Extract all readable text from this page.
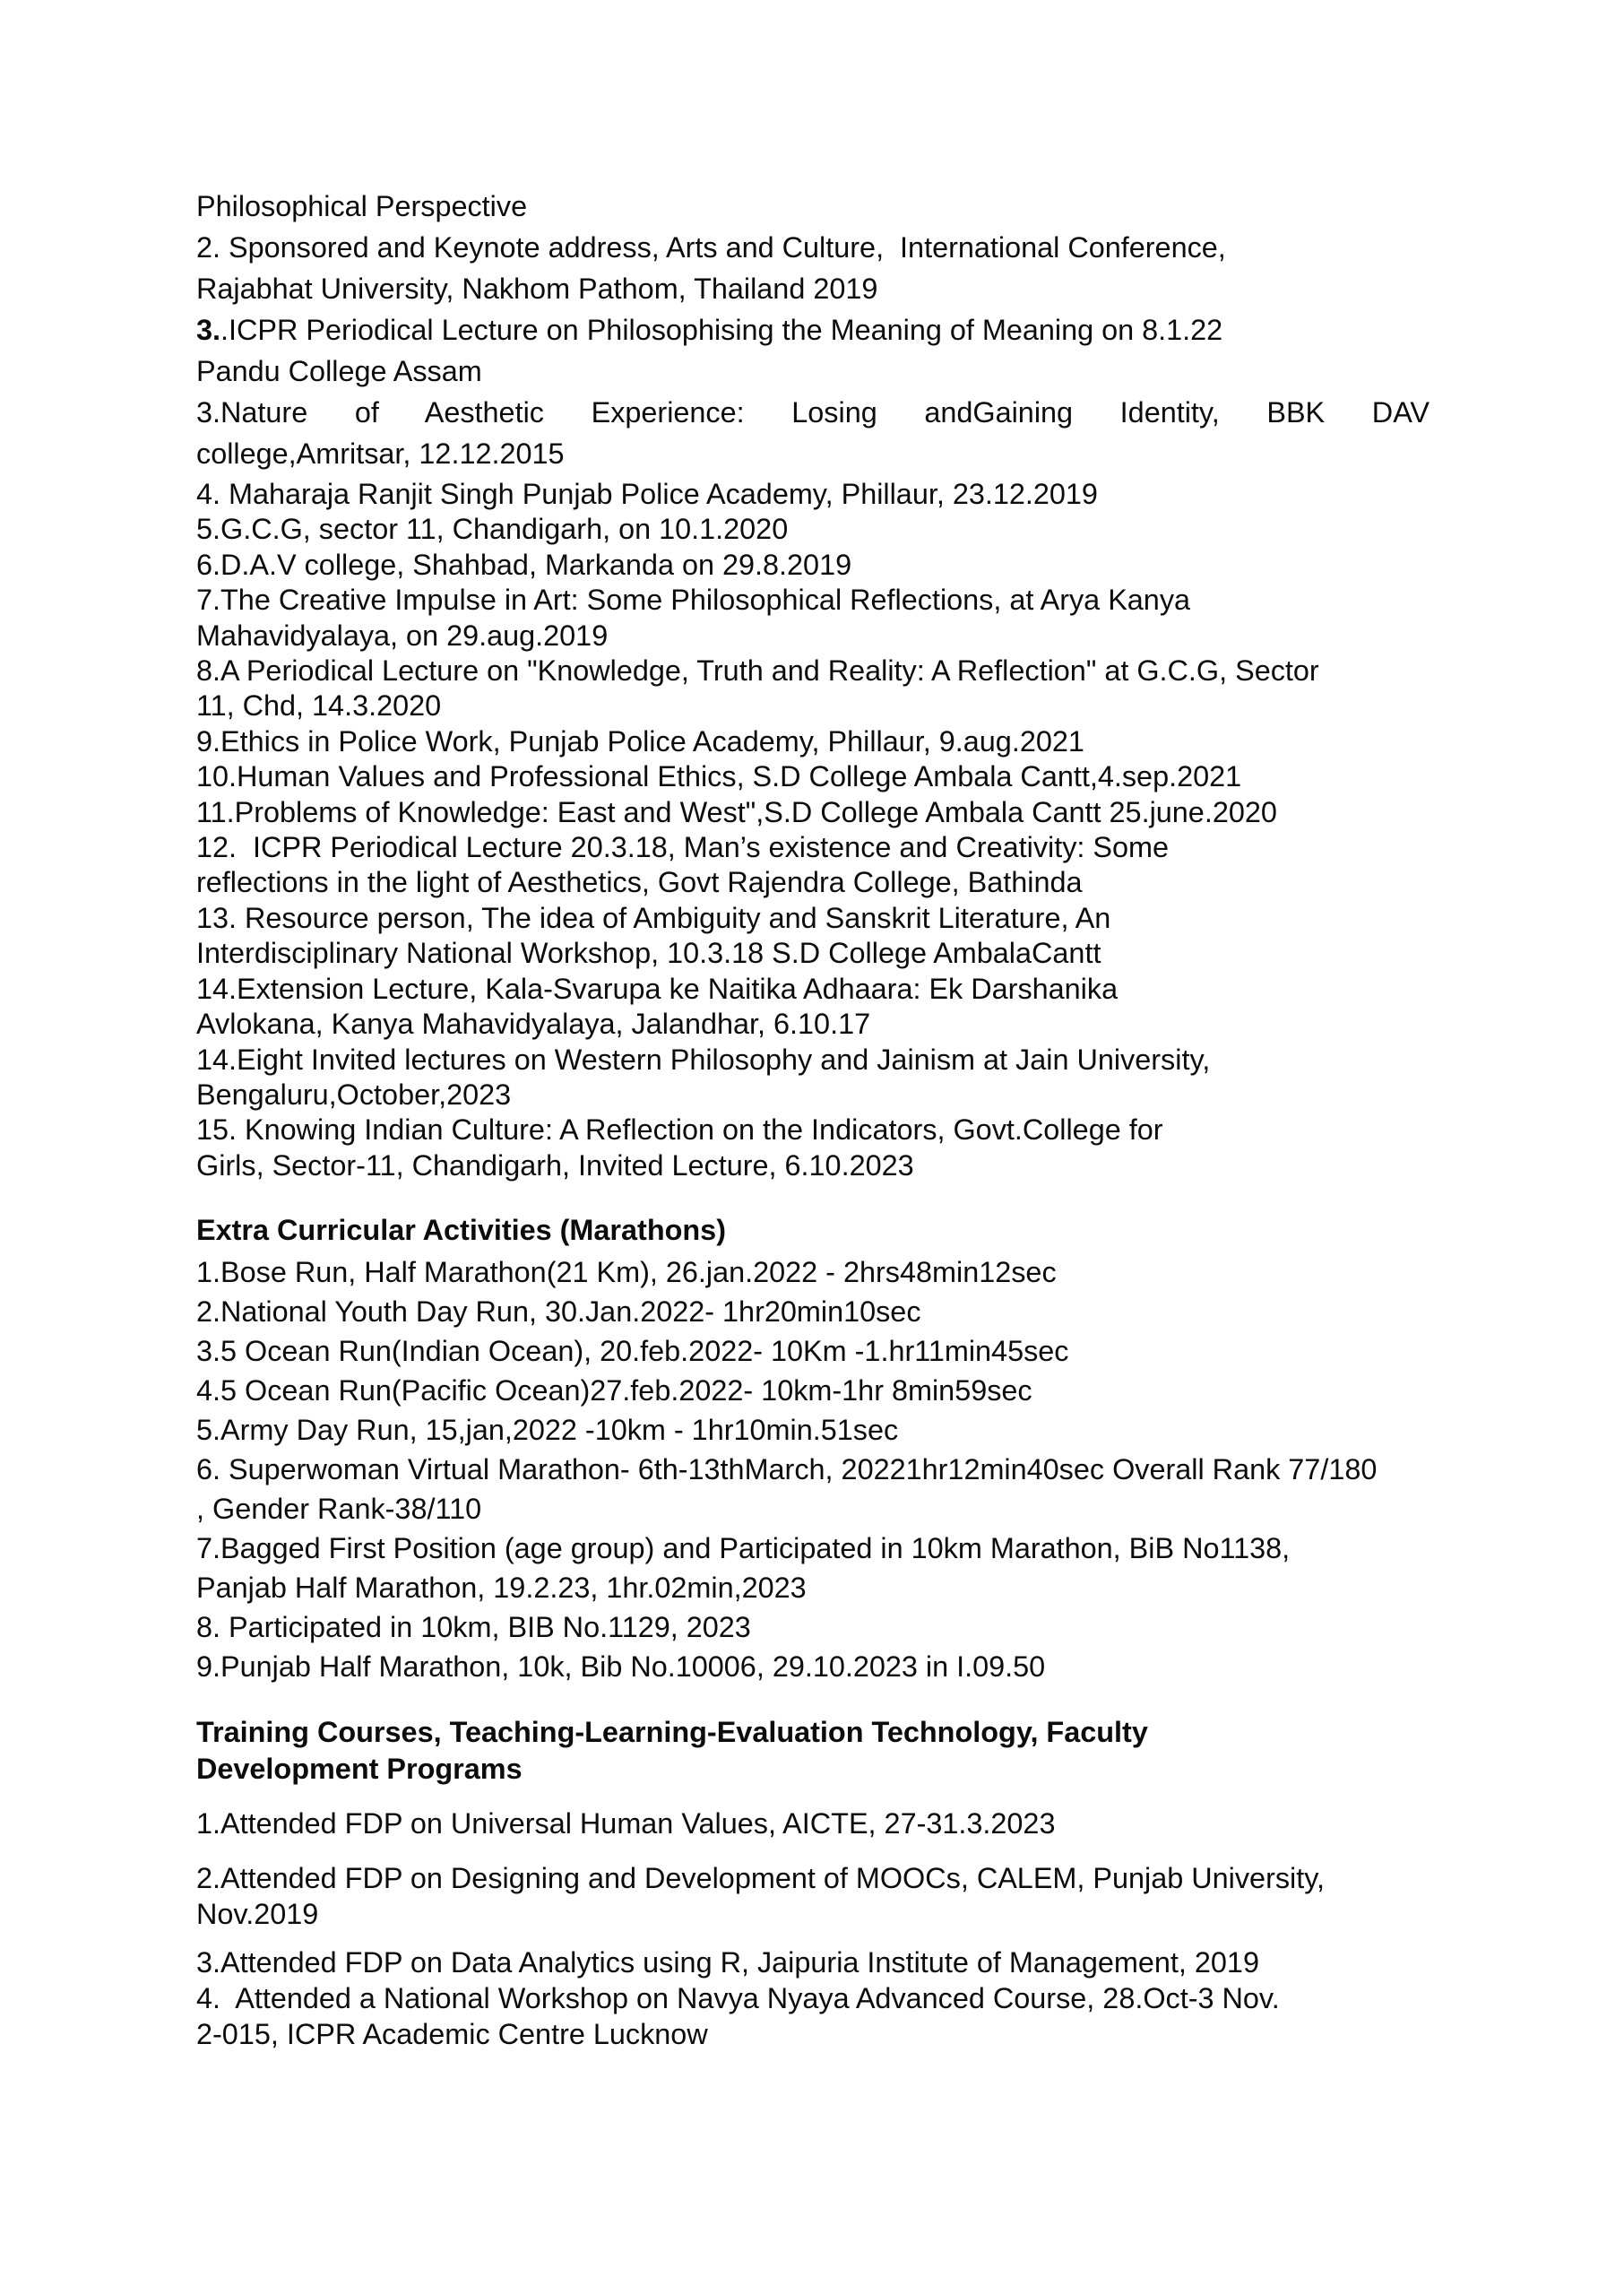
Philosophical Perspective
2. Sponsored and Keynote address, Arts and Culture,  International Conference,
Rajabhat University, Nakhom Pathom, Thailand 2019
3..ICPR Periodical Lecture on Philosophising the Meaning of Meaning on 8.1.22
Pandu College Assam
3.Nature of Aesthetic Experience: Losing andGaining Identity, BBK DAV
college,Amritsar, 12.12.2015
4. Maharaja Ranjit Singh Punjab Police Academy, Phillaur, 23.12.2019
5.G.C.G, sector 11, Chandigarh, on 10.1.2020
6.D.A.V college, Shahbad, Markanda on 29.8.2019
7.The Creative Impulse in Art: Some Philosophical Reflections, at Arya Kanya
Mahavidyalaya, on 29.aug.2019
8.A Periodical Lecture on "Knowledge, Truth and Reality: A Reflection" at G.C.G, Sector
11, Chd, 14.3.2020
9.Ethics in Police Work, Punjab Police Academy, Phillaur, 9.aug.2021
10.Human Values and Professional Ethics, S.D College Ambala Cantt,4.sep.2021
11.Problems of Knowledge: East and West",S.D College Ambala Cantt 25.june.2020
12.  ICPR Periodical Lecture 20.3.18, Man’s existence and Creativity: Some
reflections in the light of Aesthetics, Govt Rajendra College, Bathinda
13. Resource person, The idea of Ambiguity and Sanskrit Literature, An
Interdisciplinary National Workshop, 10.3.18 S.D College AmbalaCantt
14.Extension Lecture, Kala-Svarupa ke Naitika Adhaara: Ek Darshanika
Avlokana, Kanya Mahavidyalaya, Jalandhar, 6.10.17
14.Eight Invited lectures on Western Philosophy and Jainism at Jain University,
Bengaluru,October,2023
15. Knowing Indian Culture: A Reflection on the Indicators, Govt.College for
Girls, Sector-11, Chandigarh, Invited Lecture, 6.10.2023
Extra Curricular Activities (Marathons)
1.Bose Run, Half Marathon(21 Km), 26.jan.2022 - 2hrs48min12sec
2.National Youth Day Run, 30.Jan.2022- 1hr20min10sec
3.5 Ocean Run(Indian Ocean), 20.feb.2022- 10Km -1.hr11min45sec
4.5 Ocean Run(Pacific Ocean)27.feb.2022- 10km-1hr 8min59sec
5.Army Day Run, 15,jan,2022 -10km - 1hr10min.51sec
6. Superwoman Virtual Marathon- 6th-13thMarch, 20221hr12min40sec Overall Rank 77/180
, Gender Rank-38/110
7.Bagged First Position (age group) and Participated in 10km Marathon, BiB No1138,
Panjab Half Marathon, 19.2.23, 1hr.02min,2023
8. Participated in 10km, BIB No.1129, 2023
9.Punjab Half Marathon, 10k, Bib No.10006, 29.10.2023 in I.09.50
Training Courses, Teaching-Learning-Evaluation Technology, Faculty
Development Programs
1.Attended FDP on Universal Human Values, AICTE, 27-31.3.2023
2.Attended FDP on Designing and Development of MOOCs, CALEM, Punjab University,
Nov.2019
3.Attended FDP on Data Analytics using R, Jaipuria Institute of Management, 2019
4.  Attended a National Workshop on Navya Nyaya Advanced Course, 28.Oct-3 Nov.
2-015, ICPR Academic Centre Lucknow
